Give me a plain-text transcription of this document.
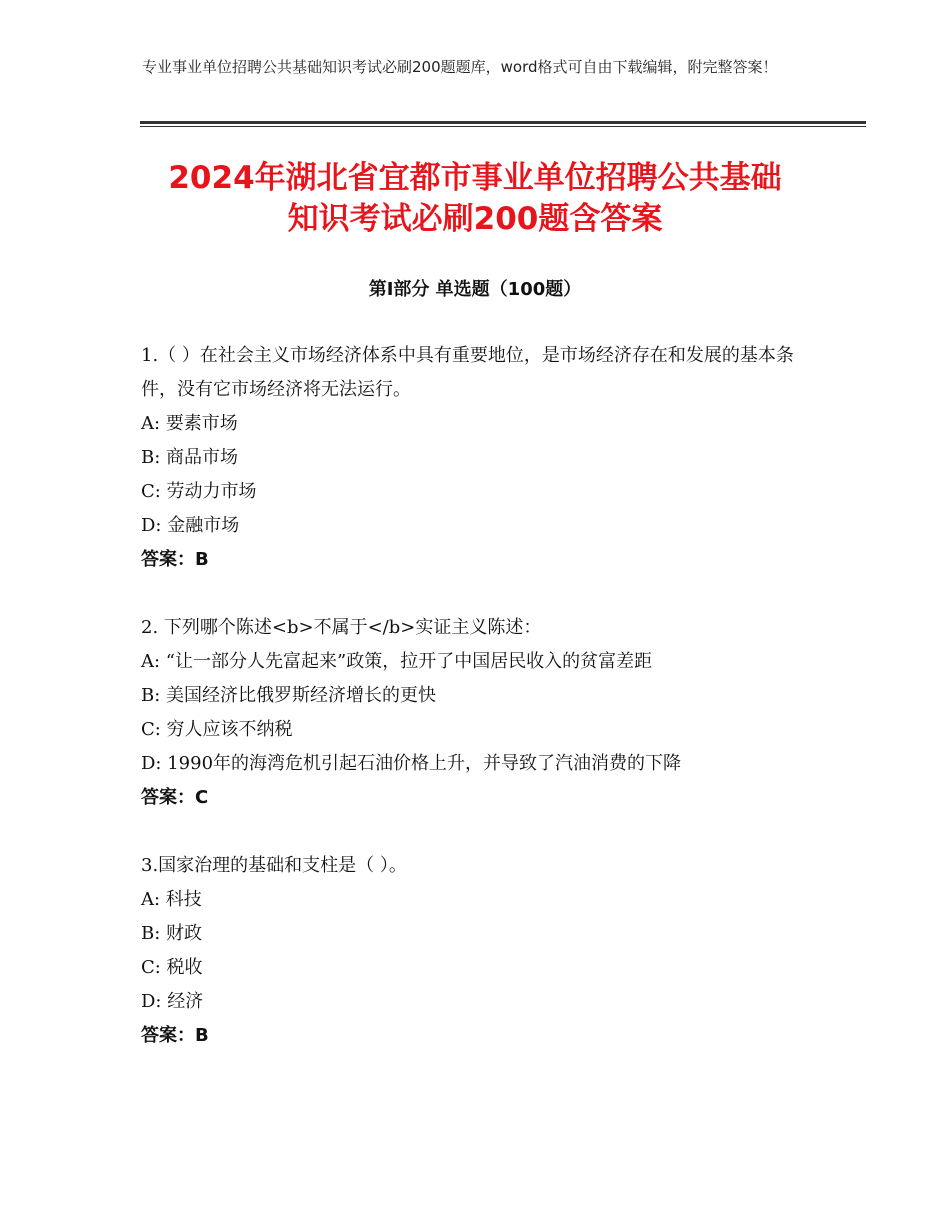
专业事业单位招聘公共基础知识考试必刷200题题库，word格式可自由下载编辑，附完整答案！
2024年湖北省宜都市事业单位招聘公共基础
知识考试必刷200题含答案
第Ⅰ部分 单选题（100题）
1.（ ）在社会主义市场经济体系中具有重要地位，是市场经济存在和发展的基本条件，没有它市场经济将无法运行。
A: 要素市场
B: 商品市场
C: 劳动力市场
D: 金融市场
答案：B
2. 下列哪个陈述<b>不属于</b>实证主义陈述：
A: “让一部分人先富起来”政策，拉开了中国居民收入的贫富差距
B: 美国经济比俄罗斯经济增长的更快
C: 穷人应该不纳税
D: 1990年的海湾危机引起石油价格上升，并导致了汽油消费的下降
答案：C
3.国家治理的基础和支柱是（ ）。
A: 科技
B: 财政
C: 税收
D: 经济
答案：B
